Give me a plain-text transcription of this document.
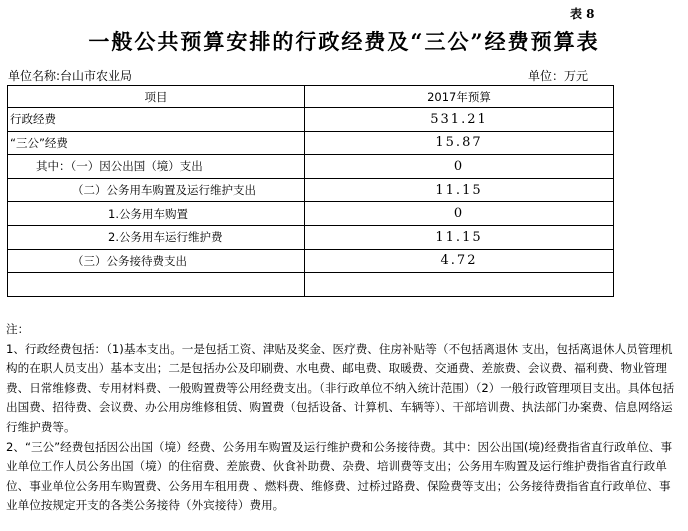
表 8
一般公共预算安排的行政经费及“三公”经费预算表
单位名称:台山市农业局	单位：万元
项目	2017年预算
行政经费	531.21
“三公”经费	15.87
其中：（一）因公出国（境）支出	0
（二）公务用车购置及运行维护支出	11.15
1.公务用车购置	0
2.公务用车运行维护费	11.15
（三）公务接待费支出	4.72

注：

1、行政经费包括：（1)基本支出。一是包括工资、津贴及奖金、医疗费、住房补贴等（不包括离退休 支出，包括离退休人员管理机构的在职人员支出）基本支出；二是包括办公及印刷费、水电费、邮电费、取暖费、交通费、差旅费、会议费、福利费、物业管理费、日常维修费、专用材料费、一般购置费等公用经费支出。（非行政单位不纳入统计范围）（2）一般行政管理项目支出。具体包括出国费、招待费、会议费、办公用房维修租赁、购置费（包括设备、计算机、车辆等）、干部培训费、执法部门办案费、信息网络运行维护费等。

2、“三公”经费包括因公出国（境）经费、公务用车购置及运行维护费和公务接待费。其中：因公出国(境)经费指省直行政单位、事业单位工作人员公务出国（境）的住宿费、差旅费、伙食补助费、杂费、培训费等支出；公务用车购置及运行维护费指省直行政单位、事业单位公务用车购置费、公务用车租用费 、燃料费、维修费、过桥过路费、保险费等支出；公务接待费指省直行政单位、事业单位按规定开支的各类公务接待（外宾接待）费用。
